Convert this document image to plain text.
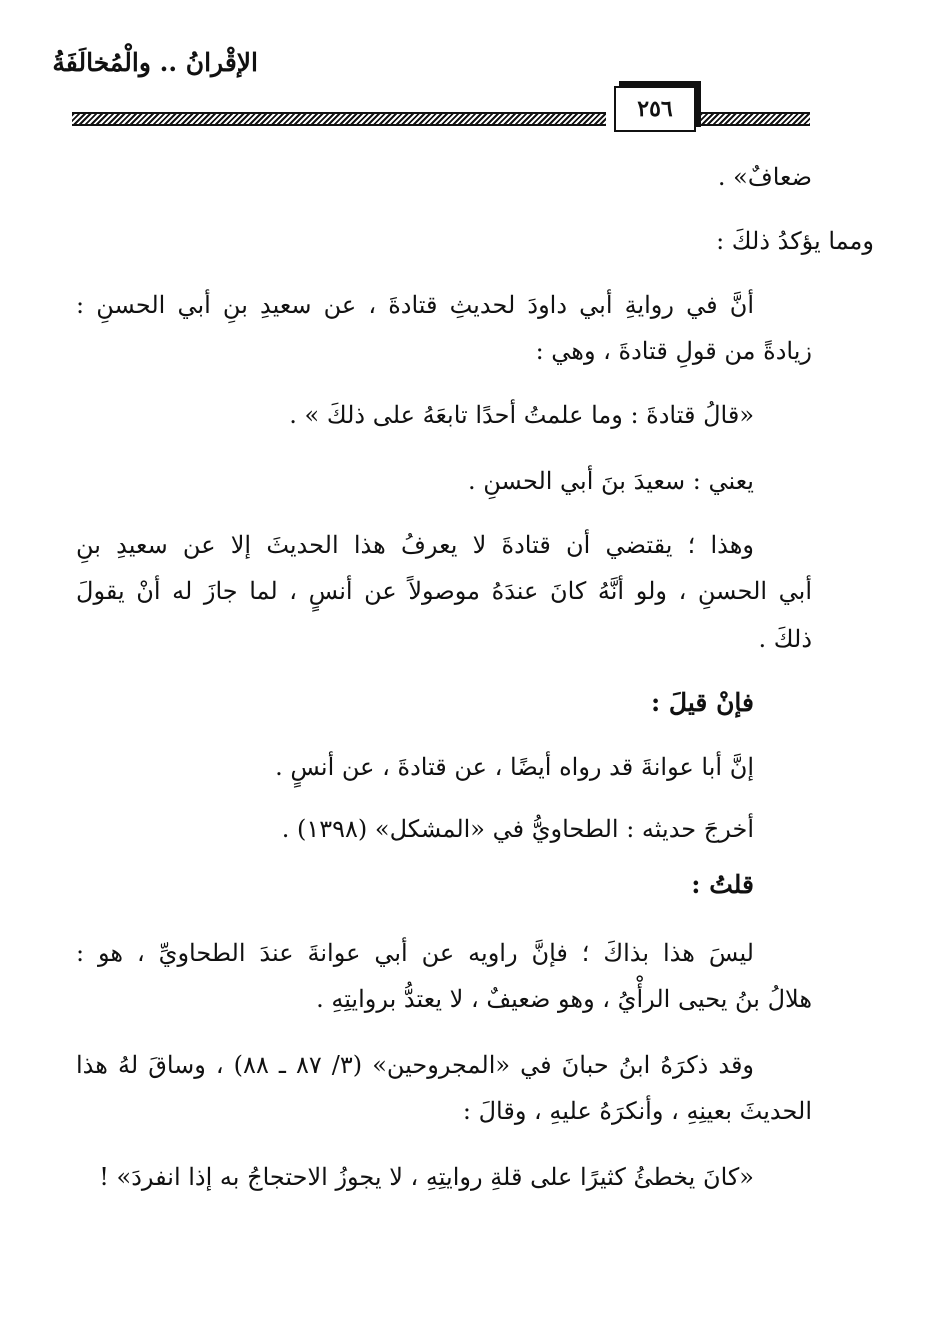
الإقْرانُ .. والْمُخالَفَةُ
٢٥٦
ضعافٌ» .
ومما يؤكدُ ذلكَ :
أنَّ في روايةِ أبي داودَ لحديثِ قتادةَ ، عن سعيدِ بنِ أبي الحسنِ :
زيادةً من قولِ قتادةَ ، وهي :
«قالُ قتادةَ : وما علمتُ أحدًا تابعَهُ على ذلكَ » .
يعني : سعيدَ بنَ أبي الحسنِ .
وهذا ؛ يقتضي أن قتادةَ لا يعرفُ هذا الحديثَ إلا عن سعيدِ بنِ
أبي الحسنِ ، ولو أنَّهُ كانَ عندَهُ موصولاً عن أنسٍ ، لما جازَ له أنْ يقولَ
ذلكَ .
فإنْ قيلَ :
إنَّ أبا عوانةَ قد رواه أيضًا ، عن قتادةَ ، عن أنسٍ .
أخرجَ حديثه : الطحاويُّ في «المشكل» (١٣٩٨) .
قلتُ :
ليسَ هذا بذاكَ ؛ فإنَّ راويه عن أبي عوانةَ عندَ الطحاويِّ ، هو :
هلالُ بنُ يحيى الرأْيُ ، وهو ضعيفٌ ، لا يعتدُّ بروايتِهِ .
وقد ذكرَهُ ابنُ حبانَ في «المجروحين» (٣/ ٨٧ ـ ٨٨) ، وساقَ لهُ هذا
الحديثَ بعينِهِ ، وأنكرَهُ عليهِ ، وقالَ :
«كانَ يخطئُ كثيرًا على قلةِ روايتِهِ ، لا يجوزُ الاحتجاجُ به إذا انفردَ» !
